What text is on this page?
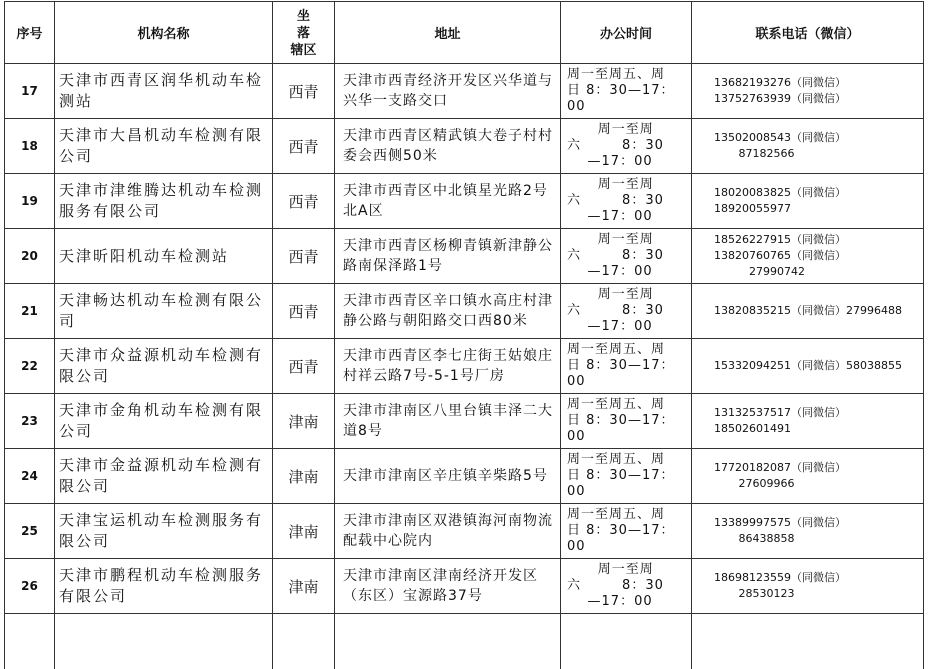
序号	机构名称	坐
落
辖区	地址	办公时间	联系电话（微信）
17	天津市西青区润华机动车检测站	西青	天津市西青经济开发区兴华道与兴华一支路交口	周一至周五、周
日 8：30—17：
00	13682193276（同微信）
13752763939（同微信）

18	天津市大昌机动车检测有限公司	西青	天津市西青区精武镇大卷子村村委会西侧50米	周一至周
六        8：30
—17：00	13502008543（同微信）
87182566

19	天津市津维腾达机动车检测服务有限公司	西青	天津市西青区中北镇星光路2号北A区	周一至周
六        8：30
—17：00	18020083825（同微信）
18920055977

20	天津昕阳机动车检测站	西青	天津市西青区杨柳青镇新津静公路南保泽路1号	周一至周
六        8：30
—17：00	18526227915（同微信）
13820760765（同微信）
27990742

21	天津畅达机动车检测有限公司	西青	天津市西青区辛口镇水高庄村津静公路与朝阳路交口西80米	周一至周
六        8：30
—17：00	13820835215（同微信）27996488

22	天津市众益源机动车检测有限公司	西青	天津市西青区李七庄街王姑娘庄村祥云路7号-5-1号厂房	周一至周五、周
日 8：30—17：
00	15332094251（同微信）58038855

23	天津市金角机动车检测有限公司	津南	天津市津南区八里台镇丰泽二大道8号	周一至周五、周
日 8：30—17：
00	13132537517（同微信）
18502601491

24	天津市金益源机动车检测有限公司	津南	天津市津南区辛庄镇辛柴路5号	周一至周五、周
日 8：30—17：
00	17720182087（同微信）
27609966

25	天津宝运机动车检测服务有限公司	津南	天津市津南区双港镇海河南物流配载中心院内	周一至周五、周
日 8：30—17：
00	13389997575（同微信）
86438858

26	天津市鹏程机动车检测服务有限公司	津南	天津市津南区津南经济开发区（东区）宝源路37号	周一至周
六        8：30
—17：00	18698123559（同微信）
28530123
